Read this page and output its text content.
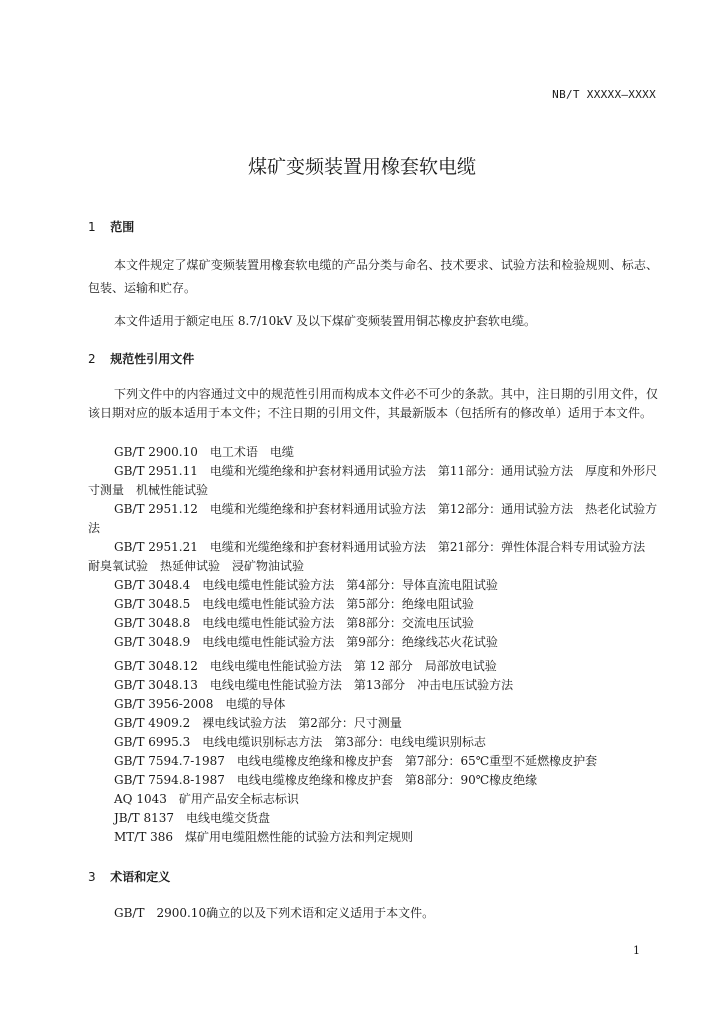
NB/T XXXXX—XXXX
煤矿变频装置用橡套软电缆
1 范围
本文件规定了煤矿变频装置用橡套软电缆的产品分类与命名、技术要求、试验方法和检验规则、标志、包装、运输和贮存。
本文件适用于额定电压 8.7/10kV 及以下煤矿变频装置用铜芯橡皮护套软电缆。
2 规范性引用文件
下列文件中的内容通过文中的规范性引用而构成本文件必不可少的条款。其中，注日期的引用文件，仅该日期对应的版本适用于本文件；不注日期的引用文件，其最新版本（包括所有的修改单）适用于本文件。
GB/T 2900.10　电工术语　电缆
GB/T 2951.11　电缆和光缆绝缘和护套材料通用试验方法　第11部分：通用试验方法　厚度和外形尺寸测量　机械性能试验
GB/T 2951.12　电缆和光缆绝缘和护套材料通用试验方法　第12部分：通用试验方法　热老化试验方法
GB/T 2951.21　电缆和光缆绝缘和护套材料通用试验方法　第21部分：弹性体混合料专用试验方法　耐臭氧试验　热延伸试验　浸矿物油试验
GB/T 3048.4　电线电缆电性能试验方法　第4部分：导体直流电阻试验
GB/T 3048.5　电线电缆电性能试验方法　第5部分：绝缘电阻试验
GB/T 3048.8　电线电缆电性能试验方法　第8部分：交流电压试验
GB/T 3048.9　电线电缆电性能试验方法　第9部分：绝缘线芯火花试验
GB/T 3048.12　电线电缆电性能试验方法　第 12 部分　局部放电试验
GB/T 3048.13　电线电缆电性能试验方法　第13部分　冲击电压试验方法
GB/T 3956-2008　电缆的导体
GB/T 4909.2　裸电线试验方法　第2部分：尺寸测量
GB/T 6995.3　电线电缆识别标志方法　第3部分：电线电缆识别标志
GB/T 7594.7-1987　电线电缆橡皮绝缘和橡皮护套　第7部分：65℃重型不延燃橡皮护套
GB/T 7594.8-1987　电线电缆橡皮绝缘和橡皮护套　第8部分：90℃橡皮绝缘
AQ 1043　矿用产品安全标志标识
JB/T 8137　电线电缆交货盘
MT/T 386　煤矿用电缆阻燃性能的试验方法和判定规则
3 术语和定义
GB/T　2900.10确立的以及下列术语和定义适用于本文件。
1
